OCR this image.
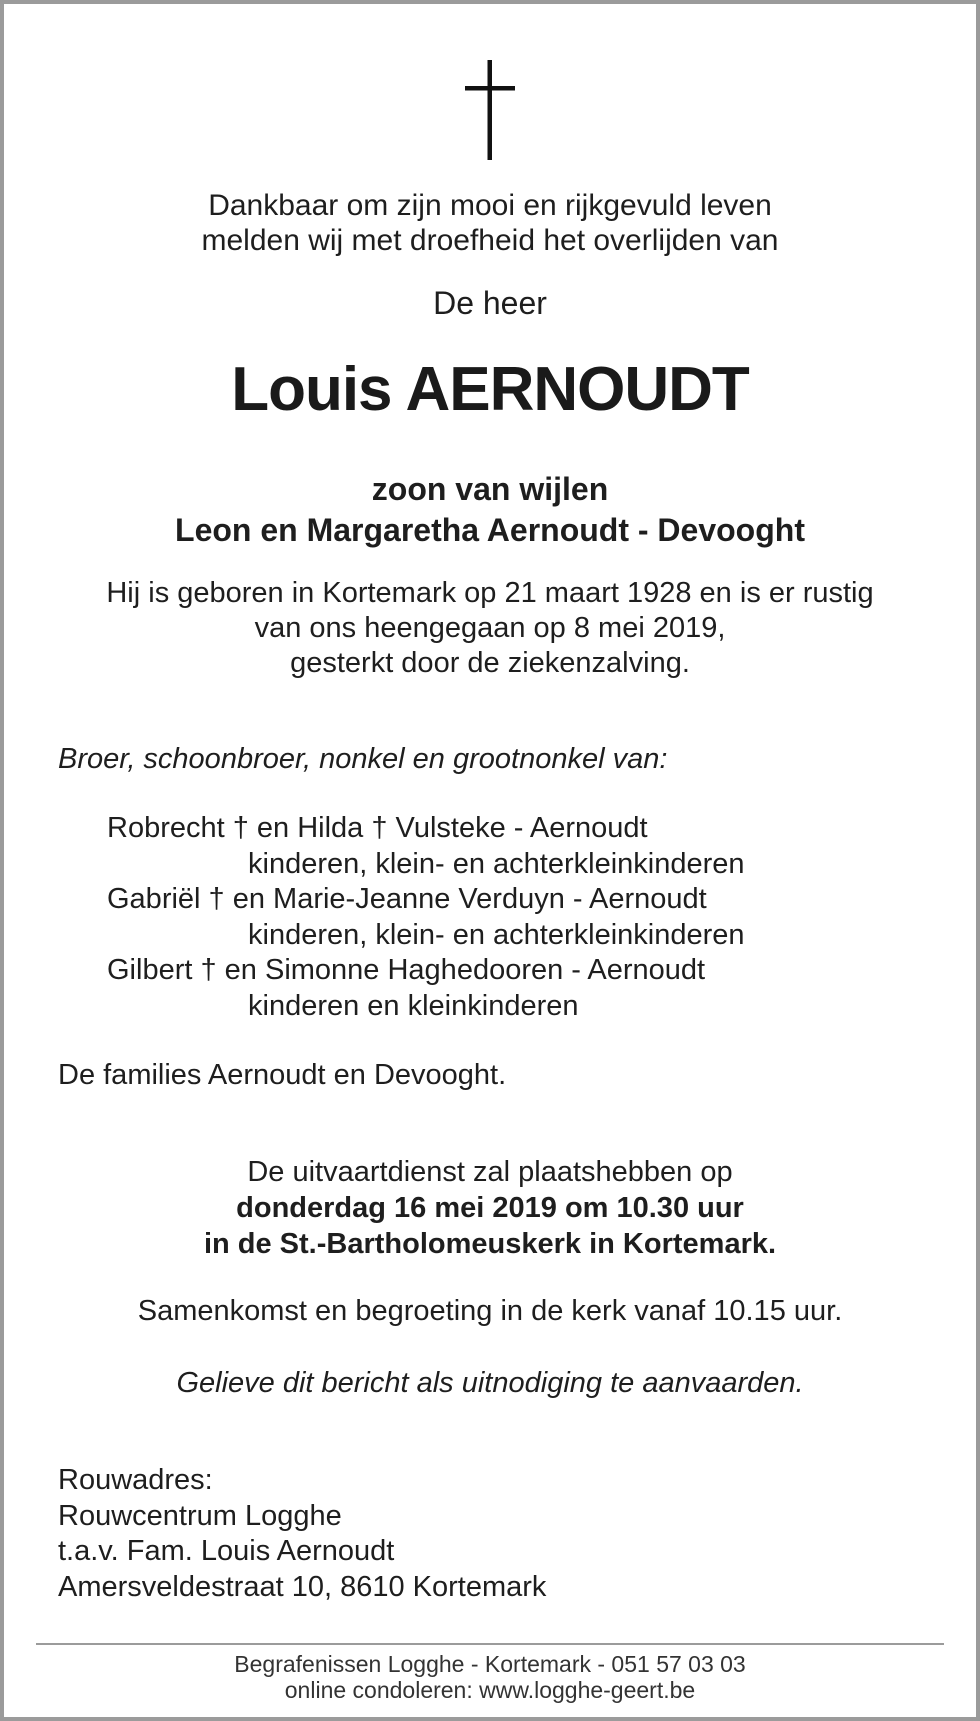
Dankbaar om zijn mooi en rijkgevuld leven
melden wij met droefheid het overlijden van
De heer
Louis AERNOUDT
zoon van wijlen
Leon en Margaretha Aernoudt - Devooght
Hij is geboren in Kortemark op 21 maart 1928 en is er rustig
van ons heengegaan op 8 mei 2019,
gesterkt door de ziekenzalving.
Broer, schoonbroer, nonkel en grootnonkel van:
Robrecht † en Hilda † Vulsteke - Aernoudt
kinderen, klein- en achterkleinkinderen
Gabriël † en Marie-Jeanne Verduyn - Aernoudt
kinderen, klein- en achterkleinkinderen
Gilbert † en Simonne Haghedooren - Aernoudt
kinderen en kleinkinderen
De families Aernoudt en Devooght.
De uitvaartdienst zal plaatshebben op
donderdag 16 mei 2019 om 10.30 uur
in de St.-Bartholomeuskerk in Kortemark.
Samenkomst en begroeting in de kerk vanaf 10.15 uur.
Gelieve dit bericht als uitnodiging te aanvaarden.
Rouwadres:
Rouwcentrum Logghe
t.a.v. Fam. Louis Aernoudt
Amersveldestraat 10, 8610 Kortemark
Begrafenissen Logghe - Kortemark - 051 57 03 03
online condoleren: www.logghe-geert.be
